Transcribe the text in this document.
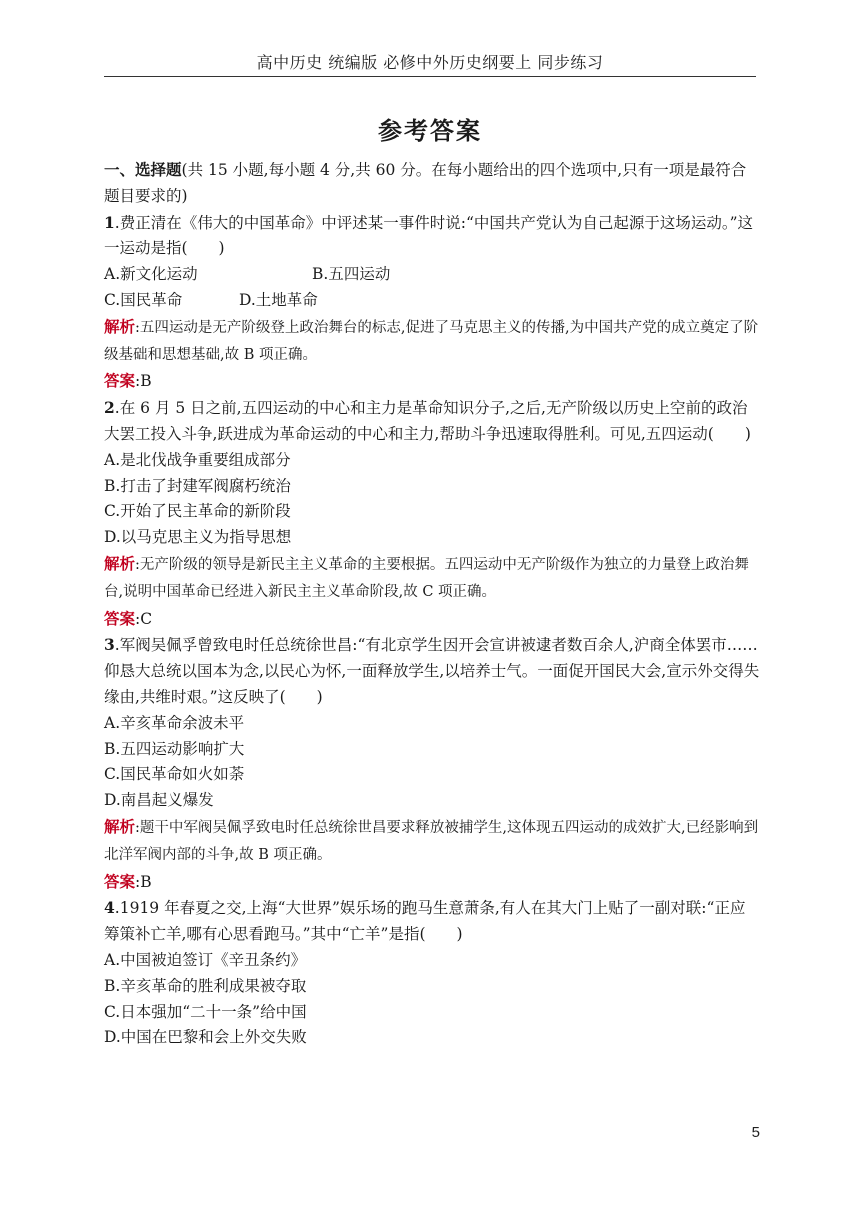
高中历史 统编版 必修中外历史纲要上 同步练习
参考答案

一、选择题(共 15 小题,每小题 4 分,共 60 分。在每小题给出的四个选项中,只有一项是最符合题目要求的)

1.费正清在《伟大的中国革命》中评述某一事件时说:“中国共产党认为自己起源于这场运动。”这一运动是指(　　)

A.新文化运动	B.五四运动

C.国民革命	D.土地革命

解析:五四运动是无产阶级登上政治舞台的标志,促进了马克思主义的传播,为中国共产党的成立奠定了阶级基础和思想基础,故 B 项正确。

答案:B

2.在 6 月 5 日之前,五四运动的中心和主力是革命知识分子,之后,无产阶级以历史上空前的政治大罢工投入斗争,跃进成为革命运动的中心和主力,帮助斗争迅速取得胜利。可见,五四运动(　　)

A.是北伐战争重要组成部分

B.打击了封建军阀腐朽统治

C.开始了民主革命的新阶段

D.以马克思主义为指导思想

解析:无产阶级的领导是新民主主义革命的主要根据。五四运动中无产阶级作为独立的力量登上政治舞台,说明中国革命已经进入新民主主义革命阶段,故 C 项正确。

答案:C

3.军阀吴佩孚曾致电时任总统徐世昌:“有北京学生因开会宣讲被逮者数百余人,沪商全体罢市……仰恳大总统以国本为念,以民心为怀,一面释放学生,以培养士气。一面促开国民大会,宣示外交得失缘由,共维时艰。”这反映了(　　)

A.辛亥革命余波未平

B.五四运动影响扩大

C.国民革命如火如荼

D.南昌起义爆发

解析:题干中军阀吴佩孚致电时任总统徐世昌要求释放被捕学生,这体现五四运动的成效扩大,已经影响到北洋军阀内部的斗争,故 B 项正确。

答案:B

4.1919 年春夏之交,上海“大世界”娱乐场的跑马生意萧条,有人在其大门上贴了一副对联:“正应筹策补亡羊,哪有心思看跑马。”其中“亡羊”是指(　　)

A.中国被迫签订《辛丑条约》

B.辛亥革命的胜利成果被夺取

C.日本强加“二十一条”给中国

D.中国在巴黎和会上外交失败

5
